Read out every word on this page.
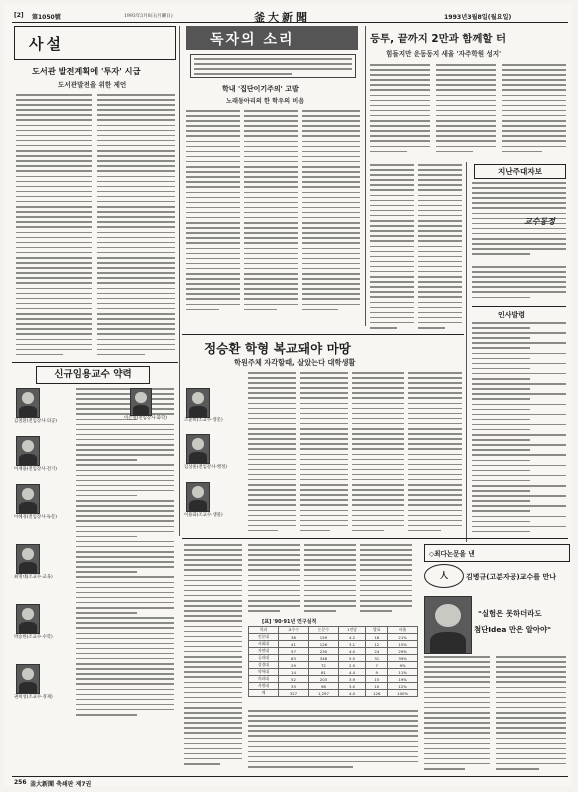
[2] 第1050號	1993年3月8日(月曜日)	釜大新聞	1993년3월8일(월요일)
사설
도서관 발전계획에 '투자' 시급
도서관발전을 위한 제언
신규임용교수 약력
김철환(전임강사·의공)
이재용(전임강사·전기)
이혜경(전임강사·독문)
최명대(조교수·교육)
박승한(조교수·수학)
권희성(조교수·경제)
이은영(전임강사·화학)	조윤희(조교수·영문)
김상훈(전임강사·행정)
이용화(조교수·생물)
독자의 소리
학내 '집단이기주의' 고발
노래동아리의 한 학우의 비음
등투, 끝까지 2만과 함께할 터
힘들지만 운동동지 새울 '자주학원 성지'
지난주대자보
교수동정
인사발령
정승환 학형 복교돼야 마땅
학원주체 자각할때, 살았는다 대학생활
[표] '90·91년 연구실적
학과	교수수	논문수	1인당	발표	비율
인문대	38	159	4.2	18	21%
사회대	41	126	3.1	12	15%
자연대	57	230	4.0	24	29%
공과대	63	348	5.5	31	39%
상경대	29	72	2.5	7	9%
약학대	14	61	4.4	9	11%
의과대	52	203	3.9	15	19%
사범대	33	98	3.0	10	12%
계	327	1,297	4.0	126	100%
◇최다논문을 낸
人	김병규(고분자공)교수를 만나
"실험은 못하더라도
첨단Idea 만은 알아야"
256 釜大新聞 축쇄판 제7권
